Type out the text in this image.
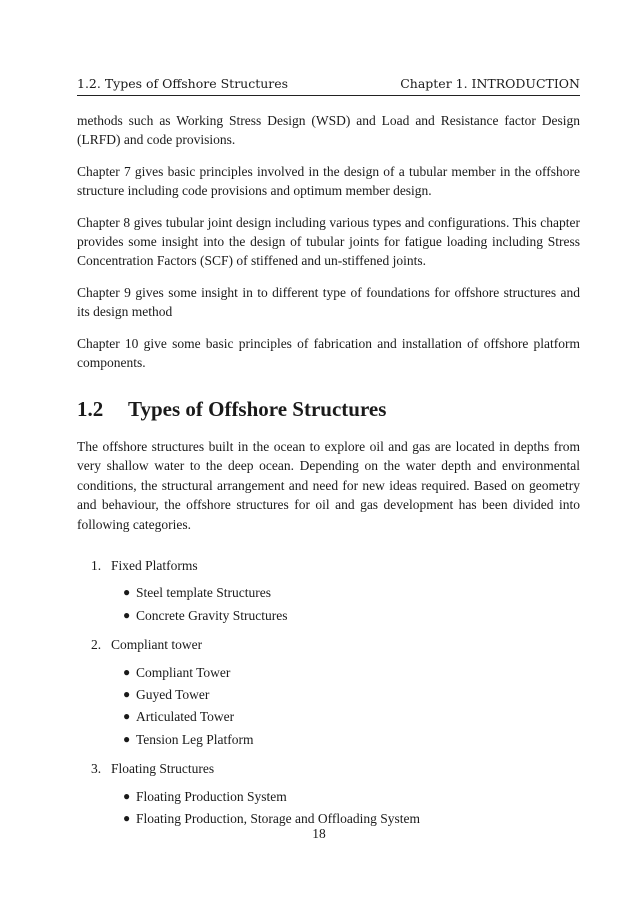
1.2. Types of Offshore Structures	Chapter 1. INTRODUCTION

methods such as Working Stress Design (WSD) and Load and Resistance factor Design (LRFD) and code provisions.

Chapter 7 gives basic principles involved in the design of a tubular member in the offshore structure including code provisions and optimum member design.

Chapter 8 gives tubular joint design including various types and configurations. This chapter provides some insight into the design of tubular joints for fatigue loading including Stress Concentration Factors (SCF) of stiffened and un-stiffened joints.

Chapter 9 gives some insight in to different type of foundations for offshore structures and its design method

Chapter 10 give some basic principles of fabrication and installation of offshore platform components.

1.2	Types of Offshore Structures

The offshore structures built in the ocean to explore oil and gas are located in depths from very shallow water to the deep ocean. Depending on the water depth and environmental conditions, the structural arrangement and need for new ideas required. Based on geometry and behaviour, the offshore structures for oil and gas development has been divided into following categories.

1. Fixed Platforms
● Steel template Structures
● Concrete Gravity Structures
2. Compliant tower
● Compliant Tower
● Guyed Tower
● Articulated Tower
● Tension Leg Platform
3. Floating Structures
● Floating Production System
● Floating Production, Storage and Offloading System
18
